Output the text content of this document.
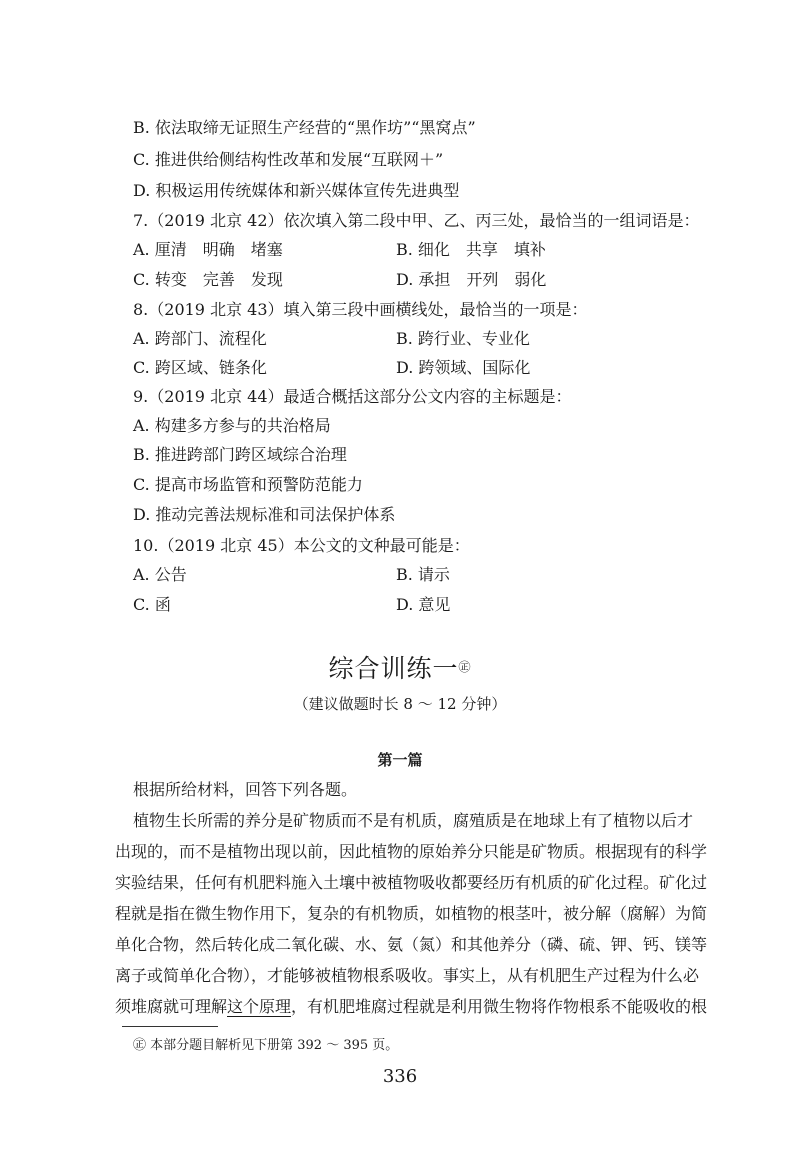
B. 依法取缔无证照生产经营的“黑作坊”“黑窝点”
C. 推进供给侧结构性改革和发展“互联网＋”
D. 积极运用传统媒体和新兴媒体宣传先进典型
7.（2019 北京 42）依次填入第二段中甲、乙、丙三处，最恰当的一组词语是：
A. 厘清　明确　堵塞	B. 细化　共享　填补
C. 转变　完善　发现	D. 承担　开列　弱化
8.（2019 北京 43）填入第三段中画横线处，最恰当的一项是：
A. 跨部门、流程化	B. 跨行业、专业化
C. 跨区域、链条化	D. 跨领域、国际化
9.（2019 北京 44）最适合概括这部分公文内容的主标题是：
A. 构建多方参与的共治格局
B. 推进跨部门跨区域综合治理
C. 提高市场监管和预警防范能力
D. 推动完善法规标准和司法保护体系
10.（2019 北京 45）本公文的文种最可能是：
A. 公告	B. 请示
C. 函	D. 意见
综合训练一㊣
（建议做题时长 8 ～ 12 分钟）
第一篇
根据所给材料，回答下列各题。
植物生长所需的养分是矿物质而不是有机质，腐殖质是在地球上有了植物以后才
出现的，而不是植物出现以前，因此植物的原始养分只能是矿物质。根据现有的科学
实验结果，任何有机肥料施入土壤中被植物吸收都要经历有机质的矿化过程。矿化过
程就是指在微生物作用下，复杂的有机物质，如植物的根茎叶，被分解（腐解）为简
单化合物，然后转化成二氧化碳、水、氨（氮）和其他养分（磷、硫、钾、钙、镁等
离子或简单化合物），才能够被植物根系吸收。事实上，从有机肥生产过程为什么必
须堆腐就可理解这个原理，有机肥堆腐过程就是利用微生物将作物根系不能吸收的根
㊣ 本部分题目解析见下册第 392 ～ 395 页。
336
